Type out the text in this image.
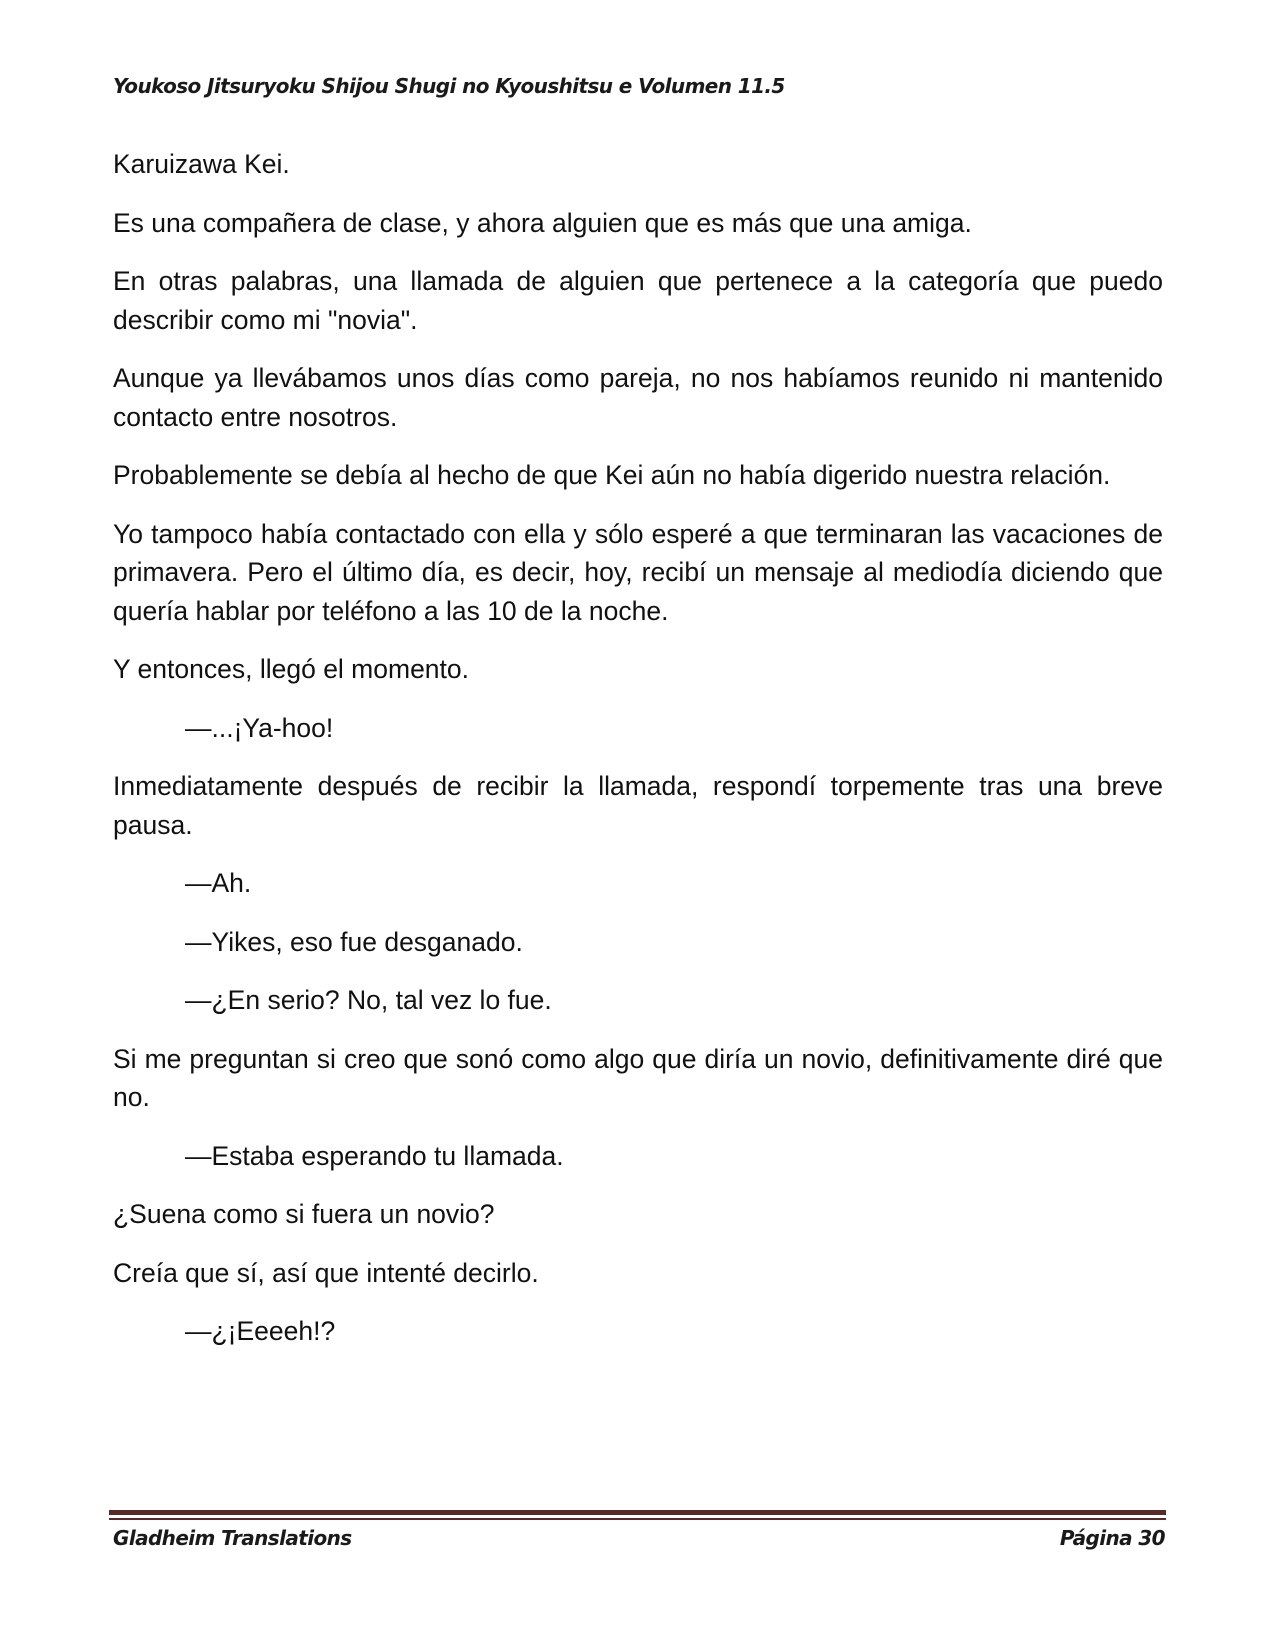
Youkoso Jitsuryoku Shijou Shugi no Kyoushitsu e Volumen 11.5

Karuizawa Kei.

Es una compañera de clase, y ahora alguien que es más que una amiga.

En otras palabras, una llamada de alguien que pertenece a la categoría que puedo describir como mi "novia".

Aunque ya llevábamos unos días como pareja, no nos habíamos reunido ni mantenido contacto entre nosotros.

Probablemente se debía al hecho de que Kei aún no había digerido nuestra relación.

Yo tampoco había contactado con ella y sólo esperé a que terminaran las vacaciones de primavera. Pero el último día, es decir, hoy, recibí un mensaje al mediodía diciendo que quería hablar por teléfono a las 10 de la noche.

Y entonces, llegó el momento.

—...¡Ya-hoo!

Inmediatamente después de recibir la llamada, respondí torpemente tras una breve pausa.

—Ah.

—Yikes, eso fue desganado.

—¿En serio? No, tal vez lo fue.

Si me preguntan si creo que sonó como algo que diría un novio, definitivamente diré que no.

—Estaba esperando tu llamada.

¿Suena como si fuera un novio?

Creía que sí, así que intenté decirlo.

—¿¡Eeeeh!?

Gladheim Translations	Página 30
